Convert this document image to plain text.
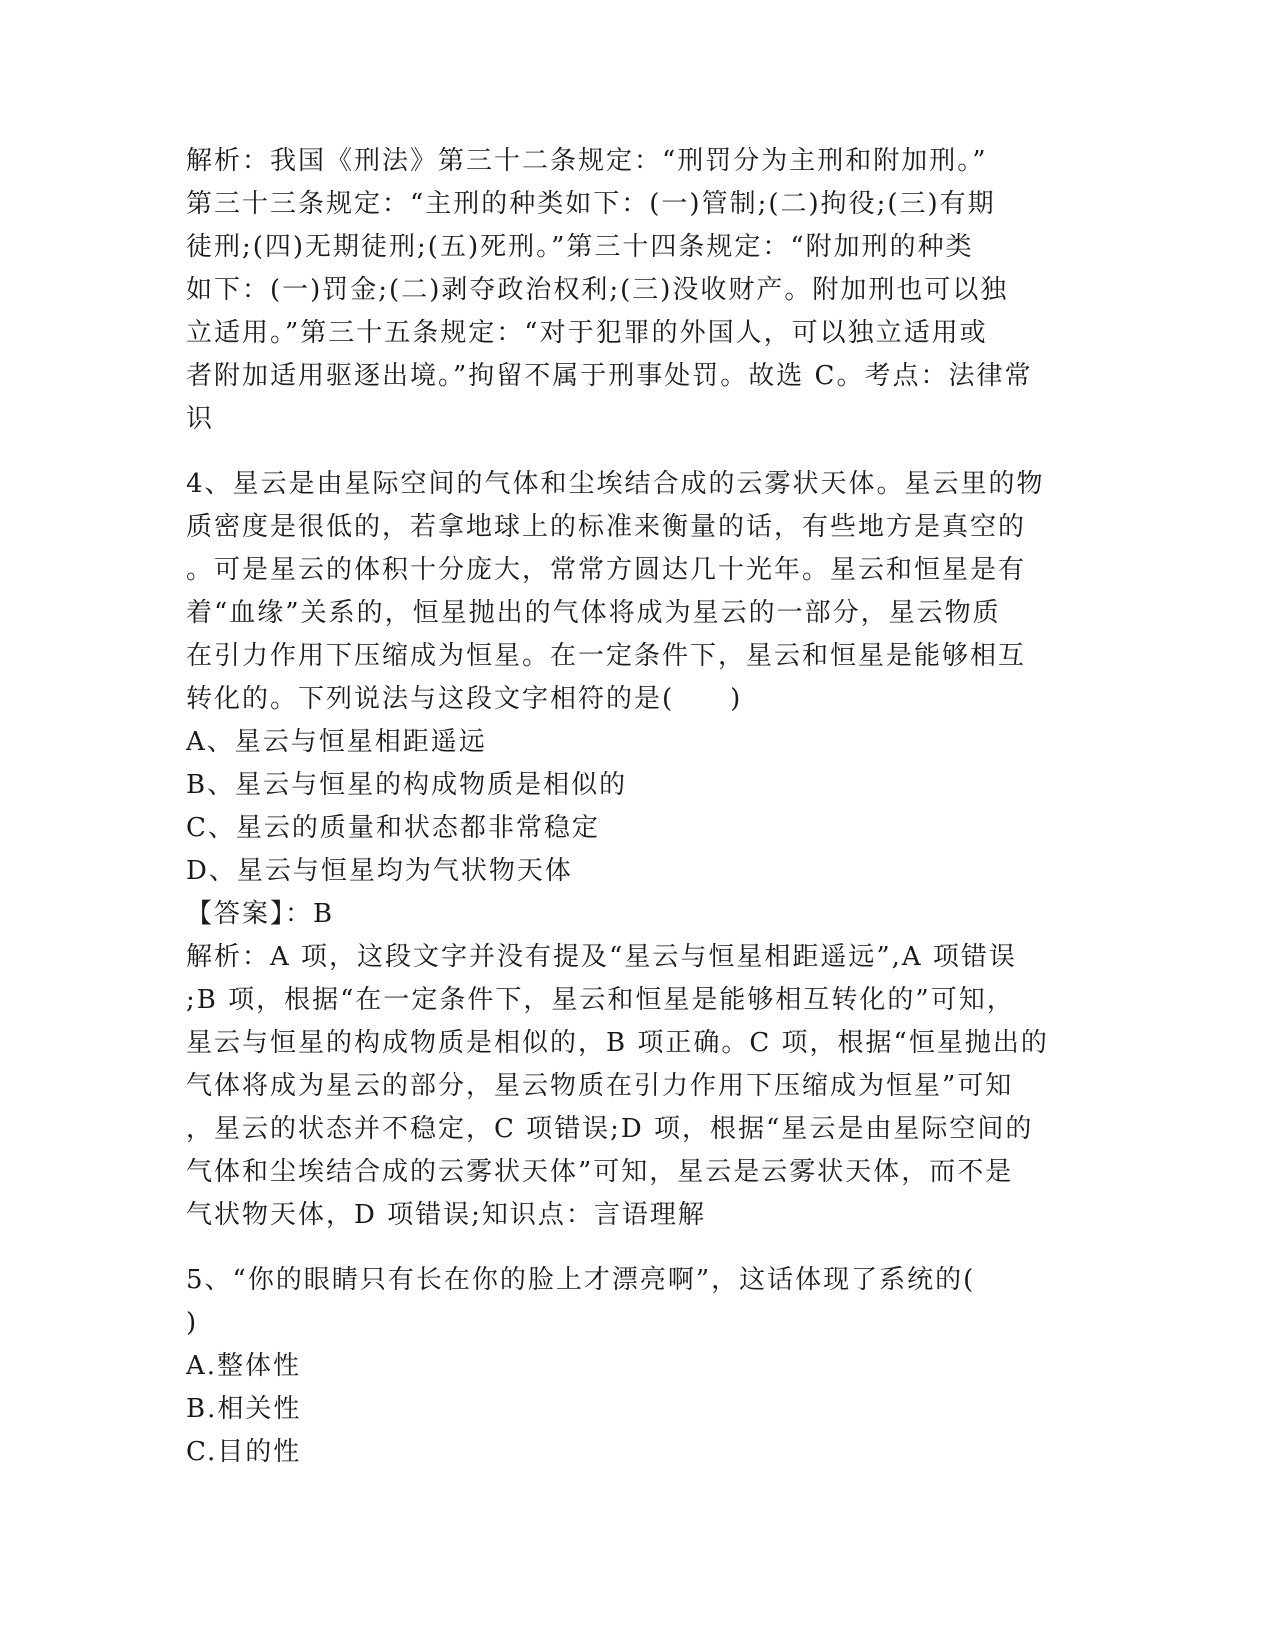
解析：我国《刑法》第三十二条规定：“刑罚分为主刑和附加刑。”
第三十三条规定：“主刑的种类如下：(一)管制;(二)拘役;(三)有期
徒刑;(四)无期徒刑;(五)死刑。”第三十四条规定：“附加刑的种类
如下：(一)罚金;(二)剥夺政治权利;(三)没收财产。附加刑也可以独
立适用。”第三十五条规定：“对于犯罪的外国人，可以独立适用或
者附加适用驱逐出境。”拘留不属于刑事处罚。故选 C。考点：法律常
识
4、星云是由星际空间的气体和尘埃结合成的云雾状天体。星云里的物
质密度是很低的，若拿地球上的标准来衡量的话，有些地方是真空的
。可是星云的体积十分庞大，常常方圆达几十光年。星云和恒星是有
着“血缘”关系的，恒星抛出的气体将成为星云的一部分，星云物质
在引力作用下压缩成为恒星。在一定条件下，星云和恒星是能够相互
转化的。下列说法与这段文字相符的是(　　)
A、星云与恒星相距遥远
B、星云与恒星的构成物质是相似的
C、星云的质量和状态都非常稳定
D、星云与恒星均为气状物天体
【答案】：B
解析：A 项，这段文字并没有提及“星云与恒星相距遥远”,A 项错误
;B 项，根据“在一定条件下，星云和恒星是能够相互转化的”可知，
星云与恒星的构成物质是相似的，B 项正确。C 项，根据“恒星抛出的
气体将成为星云的部分，星云物质在引力作用下压缩成为恒星”可知
，星云的状态并不稳定，C 项错误;D 项，根据“星云是由星际空间的
气体和尘埃结合成的云雾状天体”可知，星云是云雾状天体，而不是
气状物天体，D 项错误;知识点：言语理解
5、“你的眼睛只有长在你的脸上才漂亮啊”，这话体现了系统的(
)
A.整体性
B.相关性
C.目的性
